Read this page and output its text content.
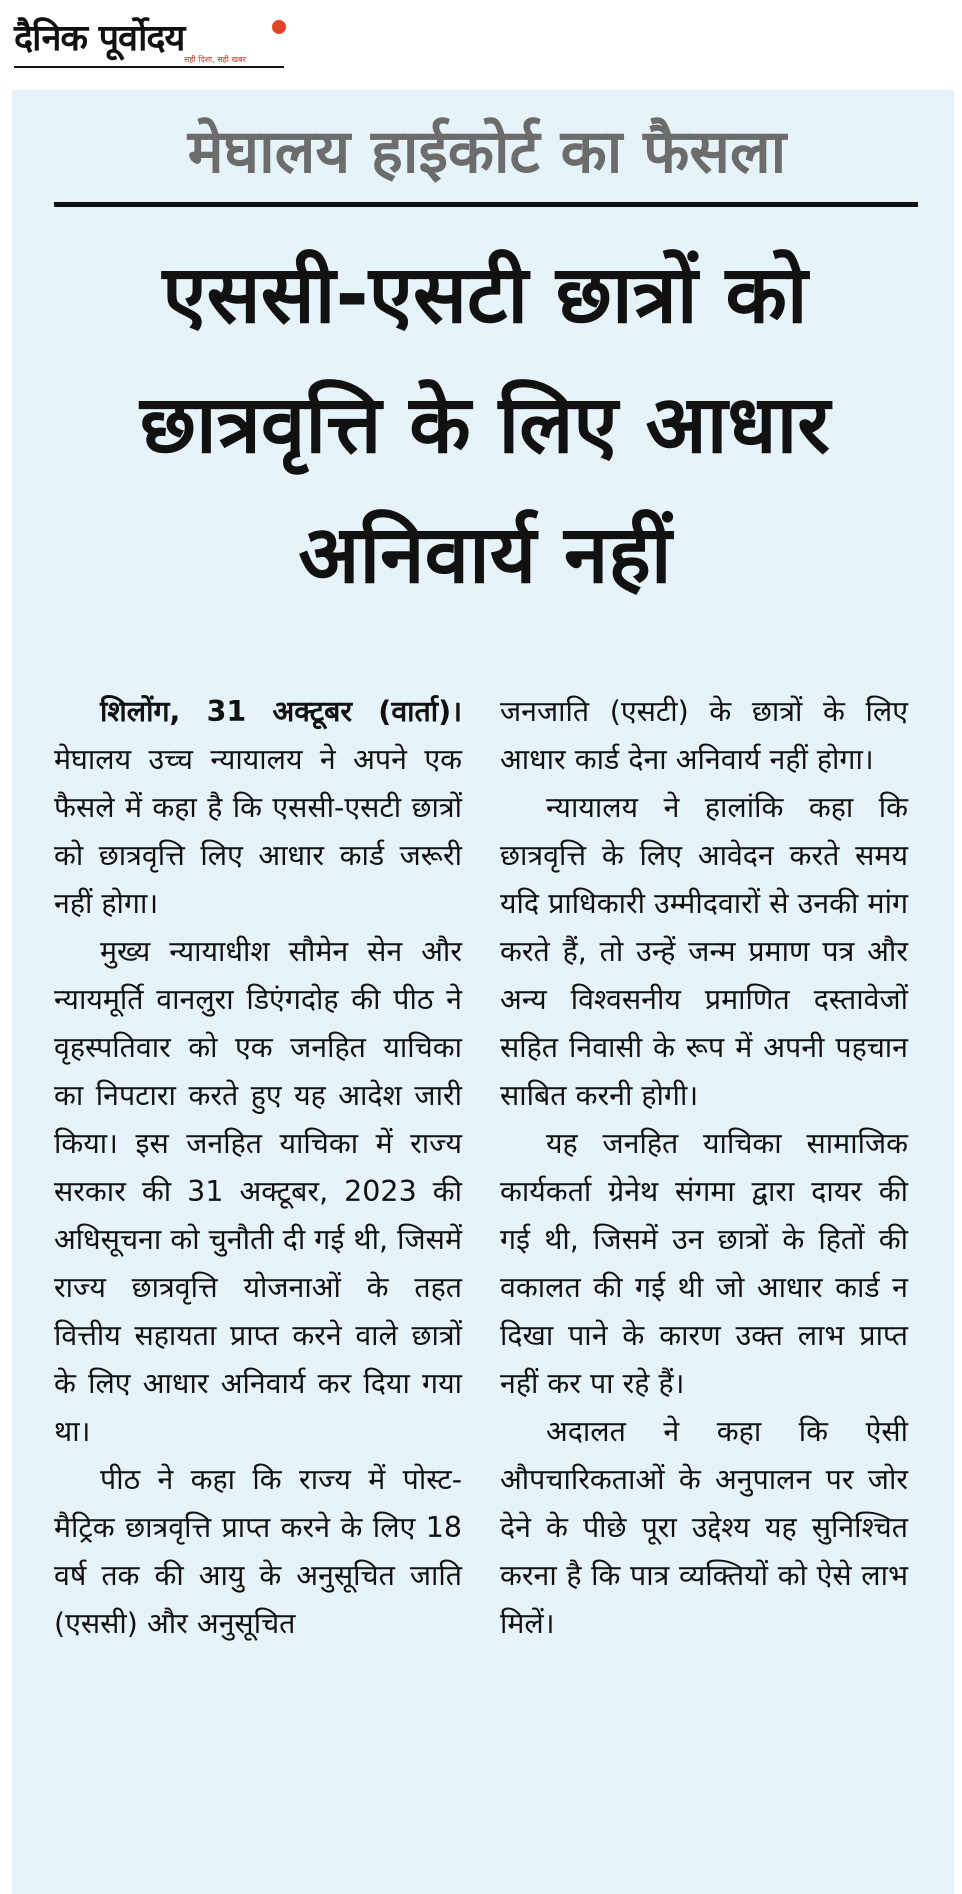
दैनिक पूर्वोदय
सही दिशा, सही खबर
मेघालय हाईकोर्ट का फैसला
एससी-एसटी छात्रों को छात्रवृत्ति के लिए आधार अनिवार्य नहीं

शिलोंग, 31 अक्टूबर (वार्ता)। मेघालय उच्च न्यायालय ने अपने एक फैसले में कहा है कि एससी-एसटी छात्रों को छात्रवृत्ति लिए आधार कार्ड जरूरी नहीं होगा।

मुख्य न्यायाधीश सौमेन सेन और न्यायमूर्ति वानलुरा डिएंगदोह की पीठ ने वृहस्पतिवार को एक जनहित याचिका का निपटारा करते हुए यह आदेश जारी किया। इस जनहित याचिका में राज्य सरकार की 31 अक्टूबर, 2023 की अधिसूचना को चुनौती दी गई थी, जिसमें राज्य छात्रवृत्ति योजनाओं के तहत वित्तीय सहायता प्राप्त करने वाले छात्रों के लिए आधार अनिवार्य कर दिया गया था।

पीठ ने कहा कि राज्य में पोस्ट-मैट्रिक छात्रवृत्ति प्राप्त करने के लिए 18 वर्ष तक की आयु के अनुसूचित जाति (एससी) और अनुसूचित

जनजाति (एसटी) के छात्रों के लिए आधार कार्ड देना अनिवार्य नहीं होगा।

न्यायालय ने हालांकि कहा कि छात्रवृत्ति के लिए आवेदन करते समय यदि प्राधिकारी उम्मीदवारों से उनकी मांग करते हैं, तो उन्हें जन्म प्रमाण पत्र और अन्य विश्वसनीय प्रमाणित दस्तावेजों सहित निवासी के रूप में अपनी पहचान साबित करनी होगी।

यह जनहित याचिका सामाजिक कार्यकर्ता ग्रेनेथ संगमा द्वारा दायर की गई थी, जिसमें उन छात्रों के हितों की वकालत की गई थी जो आधार कार्ड न दिखा पाने के कारण उक्त लाभ प्राप्त नहीं कर पा रहे हैं।

अदालत ने कहा कि ऐसी औपचारिकताओं के अनुपालन पर जोर देने के पीछे पूरा उद्देश्य यह सुनिश्चित करना है कि पात्र व्यक्तियों को ऐसे लाभ मिलें।
